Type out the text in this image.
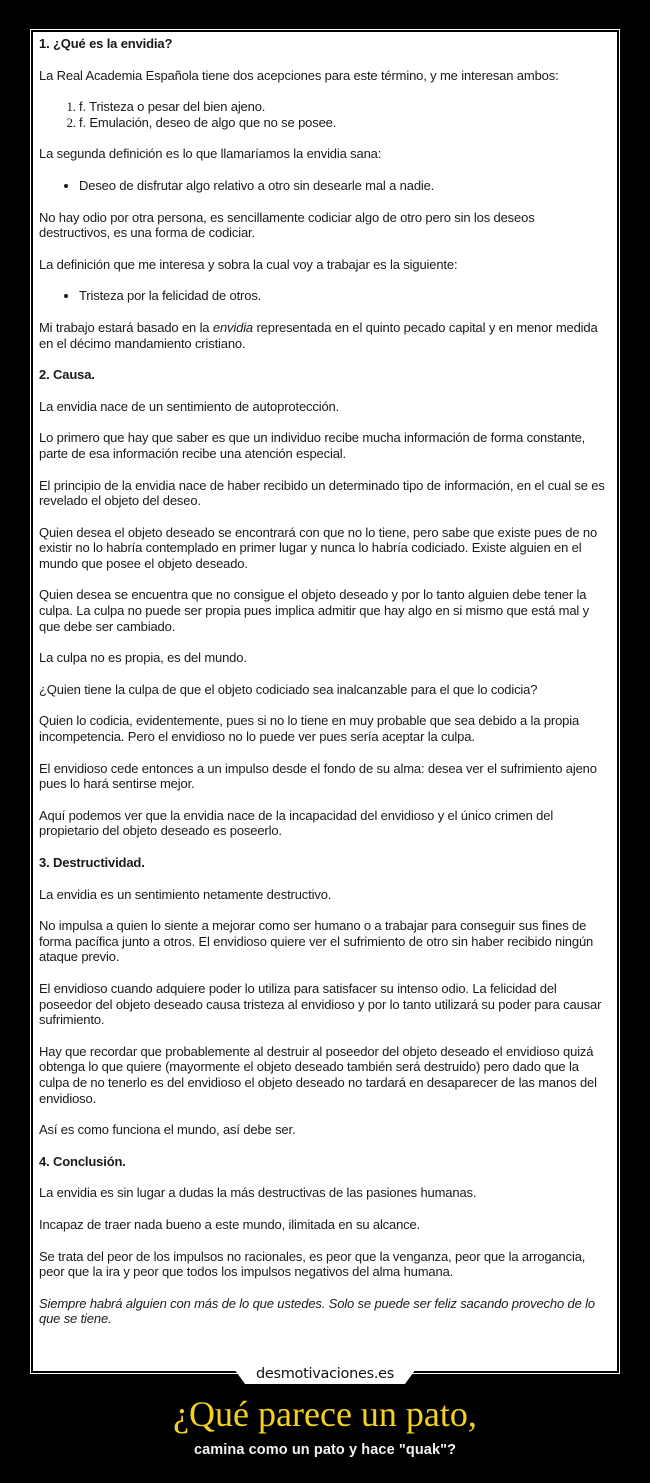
1. ¿Qué es la envidia?

La Real Academia Española tiene dos acepciones para este término, y me interesan ambos:

1. f. Tristeza o pesar del bien ajeno.
2. f. Emulación, deseo de algo que no se posee.

La segunda definición es lo que llamaríamos la envidia sana:

• Deseo de disfrutar algo relativo a otro sin desearle mal a nadie.

No hay odio por otra persona, es sencillamente codiciar algo de otro pero sin los deseos destructivos, es una forma de codiciar.

La definición que me interesa y sobra la cual voy a trabajar es la siguiente:

• Tristeza por la felicidad de otros.

Mi trabajo estará basado en la envidia representada en el quinto pecado capital y en menor medida en el décimo mandamiento cristiano.

2. Causa.

La envidia nace de un sentimiento de autoprotección.

Lo primero que hay que saber es que un individuo recibe mucha información de forma constante, parte de esa información recibe una atención especial.

El principio de la envidia nace de haber recibido un determinado tipo de información, en el cual se es revelado el objeto del deseo.

Quien desea el objeto deseado se encontrará con que no lo tiene, pero sabe que existe pues de no existir no lo habría contemplado en primer lugar y nunca lo habría codiciado. Existe alguien en el mundo que posee el objeto deseado.

Quien desea se encuentra que no consigue el objeto deseado y por lo tanto alguien debe tener la culpa. La culpa no puede ser propia pues implica admitir que hay algo en si mismo que está mal y que debe ser cambiado.

La culpa no es propia, es del mundo.

¿Quien tiene la culpa de que el objeto codiciado sea inalcanzable para el que lo codicia?

Quien lo codicia, evidentemente, pues si no lo tiene en muy probable que sea debido a la propia incompetencia. Pero el envidioso no lo puede ver pues sería aceptar la culpa.

El envidioso cede entonces a un impulso desde el fondo de su alma: desea ver el sufrimiento ajeno pues lo hará sentirse mejor.

Aquí podemos ver que la envidia nace de la incapacidad del envidioso y el único crimen del propietario del objeto deseado es poseerlo.

3. Destructividad.

La envidia es un sentimiento netamente destructivo.

No impulsa a quien lo siente a mejorar como ser humano o a trabajar para conseguir sus fines de forma pacífica junto a otros. El envidioso quiere ver el sufrimiento de otro sin haber recibido ningún ataque previo.

El envidioso cuando adquiere poder lo utiliza para satisfacer su intenso odio. La felicidad del poseedor del objeto deseado causa tristeza al envidioso y por lo tanto utilizará su poder para causar sufrimiento.

Hay que recordar que probablemente al destruir al poseedor del objeto deseado el envidioso quizá obtenga lo que quiere (mayormente el objeto deseado también será destruido) pero dado que la culpa de no tenerlo es del envidioso el objeto deseado no tardará en desaparecer de las manos del envidioso.

Así es como funciona el mundo, así debe ser.

4. Conclusión.

La envidia es sin lugar a dudas la más destructivas de las pasiones humanas.

Incapaz de traer nada bueno a este mundo, ilimitada en su alcance.

Se trata del peor de los impulsos no racionales, es peor que la venganza, peor que la arrogancia, peor que la ira y peor que todos los impulsos negativos del alma humana.

Siempre habrá alguien con más de lo que ustedes. Solo se puede ser feliz sacando provecho de lo que se tiene.

desmotivaciones.es
¿Qué parece un pato,
camina como un pato y hace "quak"?
